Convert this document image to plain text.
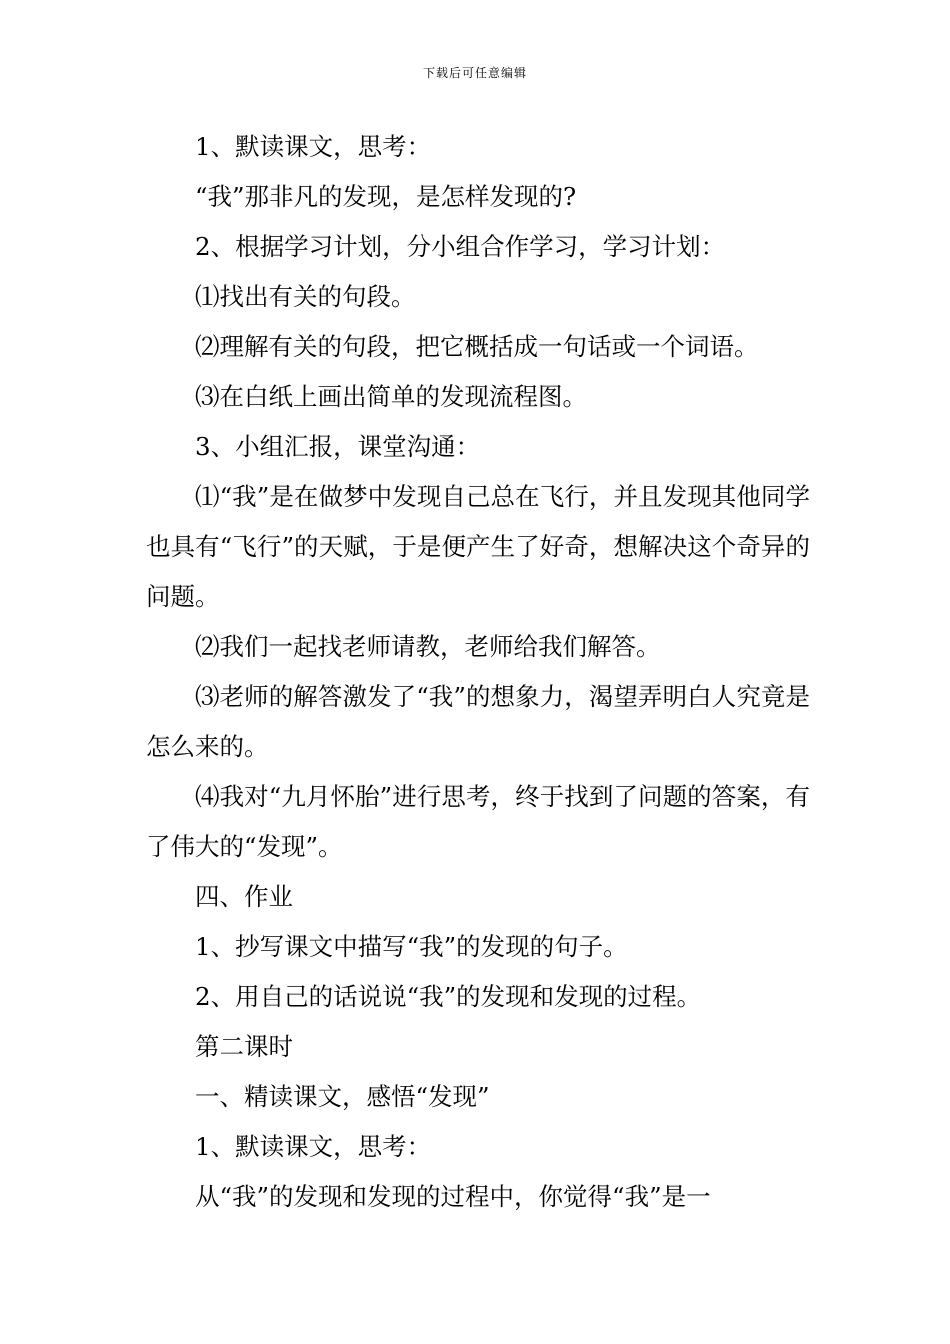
下载后可任意编辑

1、默读课文，思考：

“我”那非凡的发现，是怎样发现的?

2、根据学习计划，分小组合作学习，学习计划：

⑴找出有关的句段。

⑵理解有关的句段，把它概括成一句话或一个词语。

⑶在白纸上画出简单的发现流程图。

3、小组汇报，课堂沟通：

⑴“我”是在做梦中发现自己总在飞行，并且发现其他同学也具有“飞行”的天赋，于是便产生了好奇，想解决这个奇异的问题。

⑵我们一起找老师请教，老师给我们解答。

⑶老师的解答激发了“我”的想象力，渴望弄明白人究竟是怎么来的。

⑷我对“九月怀胎”进行思考，终于找到了问题的答案，有了伟大的“发现”。

四、作业

1、抄写课文中描写“我”的发现的句子。

2、用自己的话说说“我”的发现和发现的过程。

第二课时

一、精读课文，感悟“发现”

1、默读课文，思考：

从“我”的发现和发现的过程中，你觉得“我”是一
